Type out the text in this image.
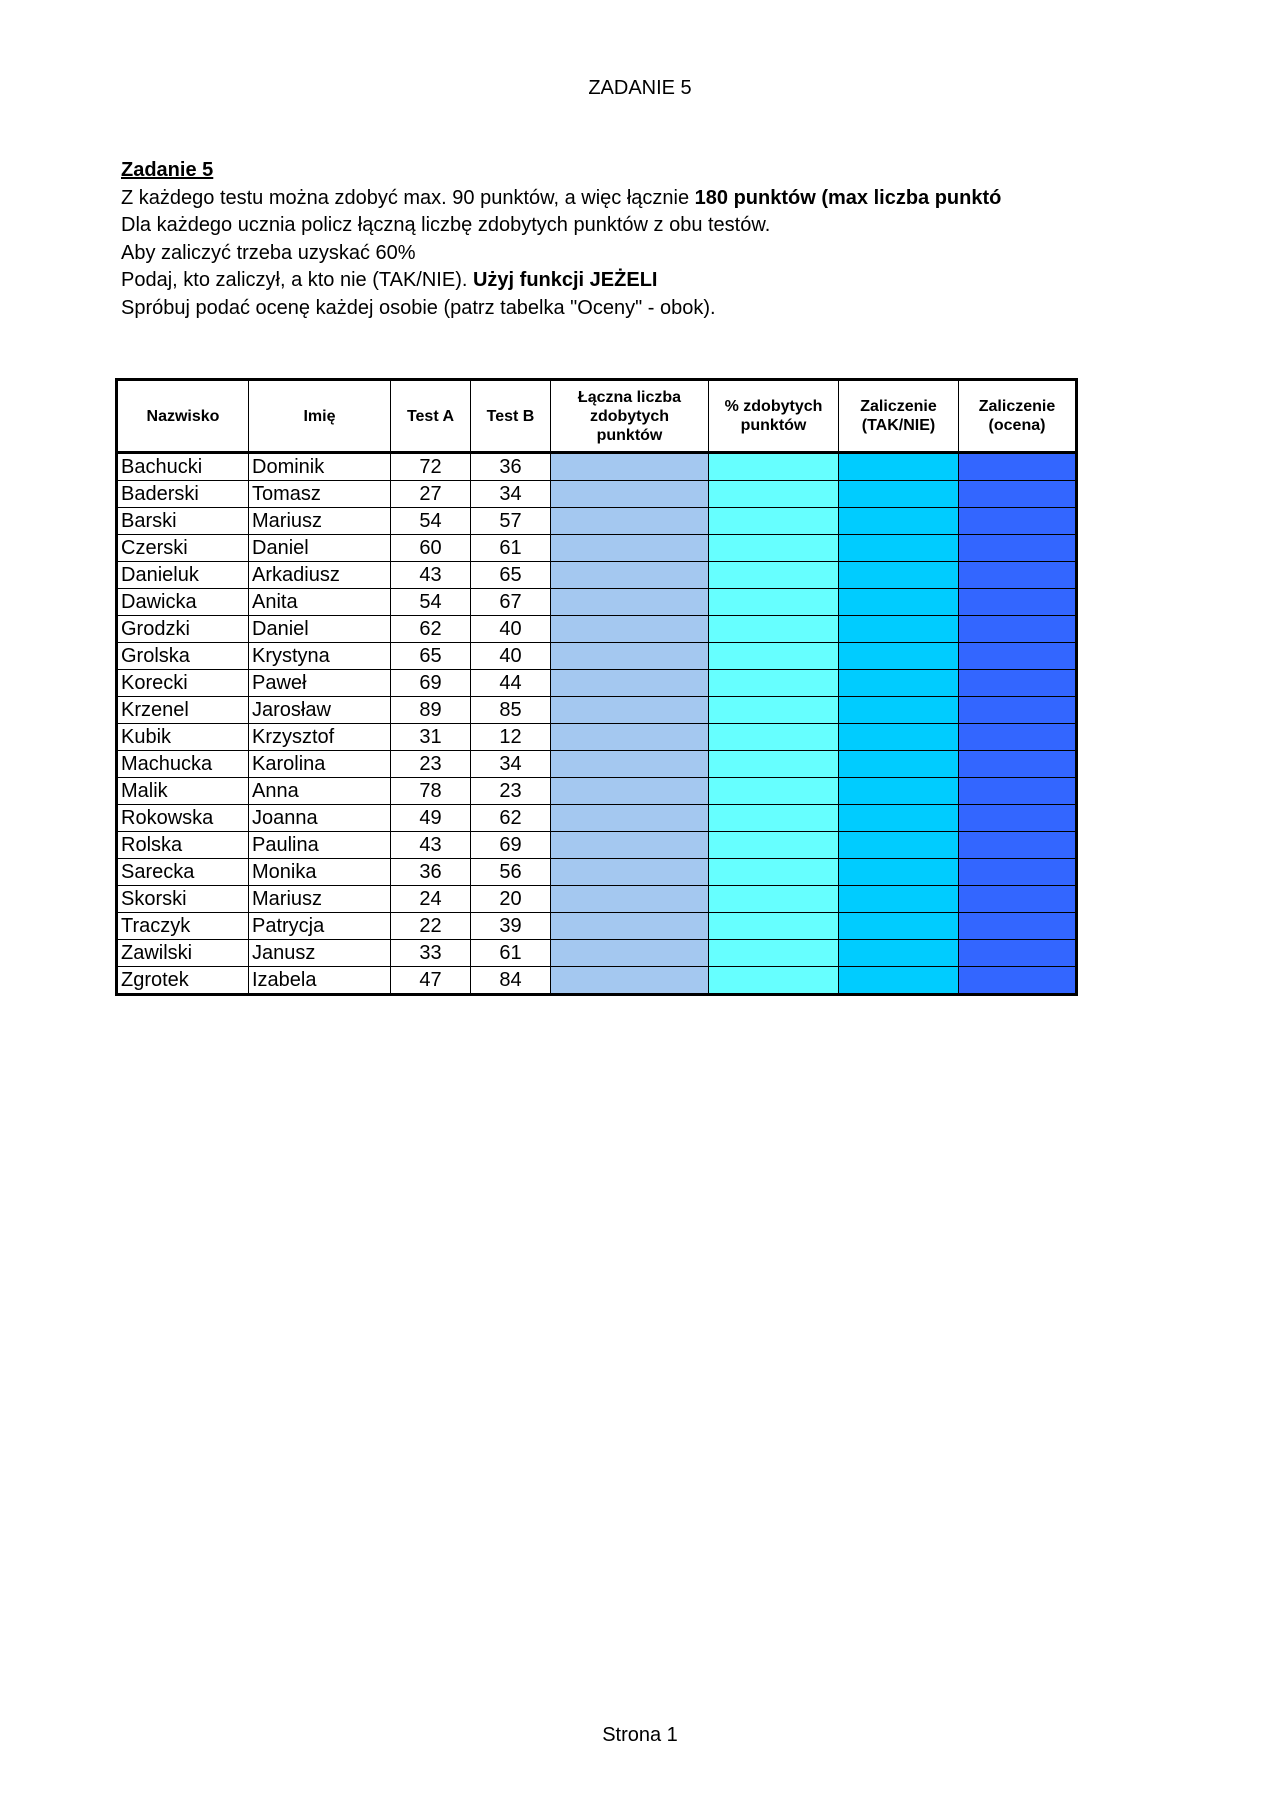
ZADANIE 5
Zadanie 5
Z każdego testu można zdobyć max. 90 punktów, a więc łącznie 180 punktów (max liczba punktó
Dla każdego ucznia policz łączną liczbę zdobytych punktów z obu testów.
Aby zaliczyć trzeba uzyskać 60%
Podaj, kto zaliczył, a kto nie (TAK/NIE). Użyj funkcji JEŻELI
Spróbuj podać ocenę każdej osobie (patrz tabelka "Oceny" - obok).
Nazwisko	Imię	Test A	Test B	Łączna liczba zdobytych punktów	% zdobytych punktów	Zaliczenie (TAK/NIE)	Zaliczenie (ocena)
Bachucki	Dominik	72	36				
Baderski	Tomasz	27	34				
Barski	Mariusz	54	57				
Czerski	Daniel	60	61				
Danieluk	Arkadiusz	43	65				
Dawicka	Anita	54	67				
Grodzki	Daniel	62	40				
Grolska	Krystyna	65	40				
Korecki	Paweł	69	44				
Krzenel	Jarosław	89	85				
Kubik	Krzysztof	31	12				
Machucka	Karolina	23	34				
Malik	Anna	78	23				
Rokowska	Joanna	49	62				
Rolska	Paulina	43	69				
Sarecka	Monika	36	56				
Skorski	Mariusz	24	20				
Traczyk	Patrycja	22	39				
Zawilski	Janusz	33	61				
Zgrotek	Izabela	47	84				
Strona 1
